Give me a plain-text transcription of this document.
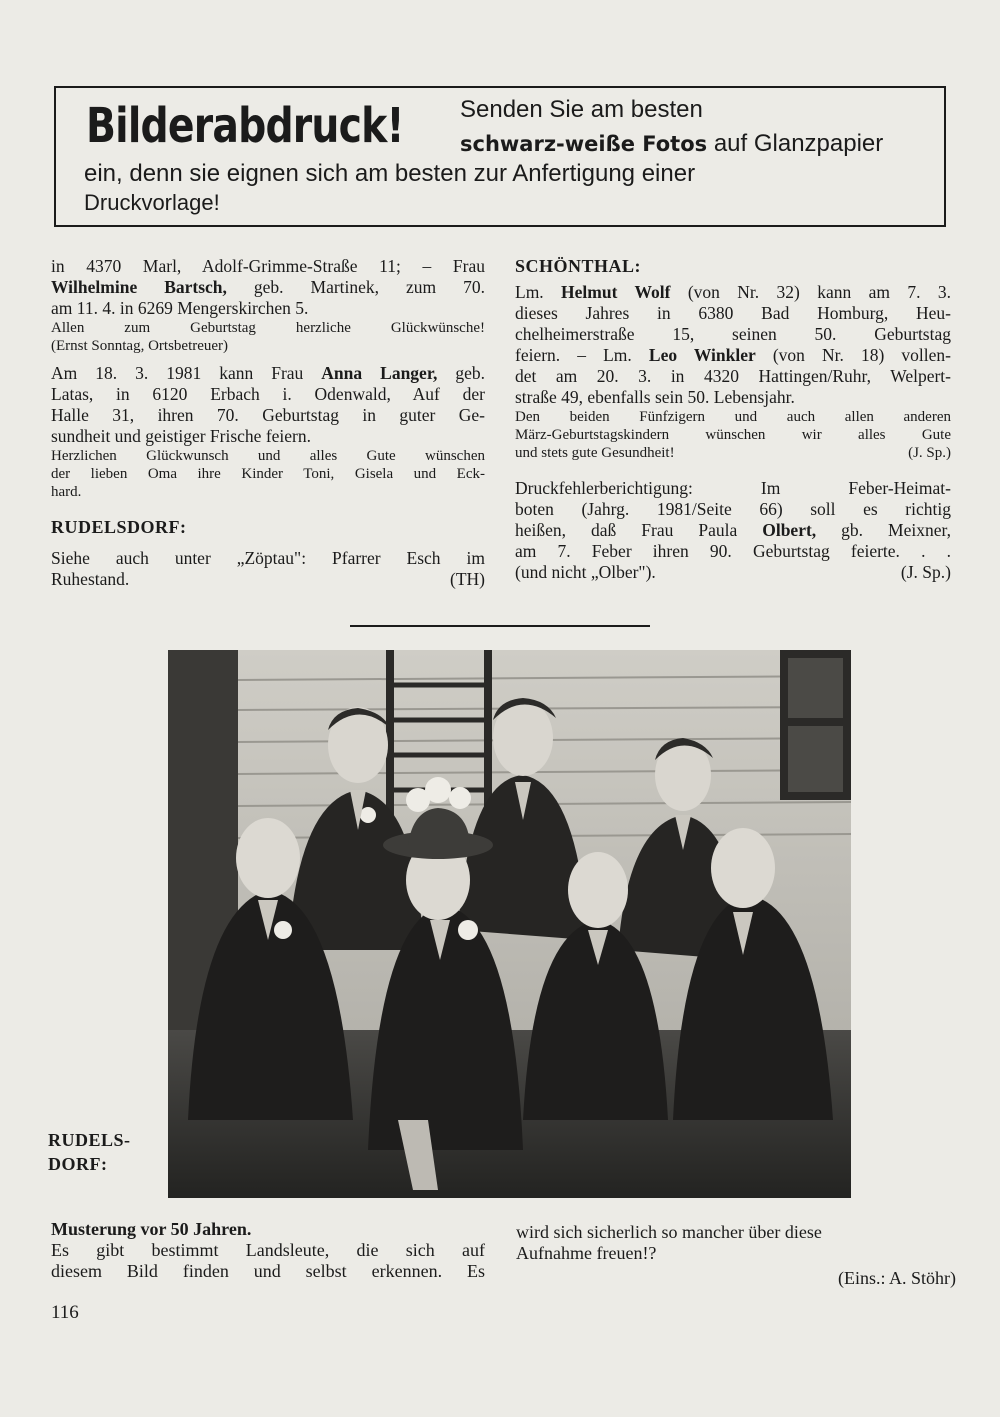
Bilderabdruck! Senden Sie am besten
schwarz-weiße Fotos auf Glanzpapier
ein, denn sie eignen sich am besten zur Anfertigung einer
Druckvorlage!
in 4370 Marl, Adolf-Grimme-Straße 11; – Frau
Wilhelmine Bartsch, geb. Martinek, zum 70.
am 11. 4. in 6269 Mengerskirchen 5.
Allen zum Geburtstag herzliche Glückwünsche!
(Ernst Sonntag, Ortsbetreuer)
Am 18. 3. 1981 kann Frau Anna Langer, geb.
Latas, in 6120 Erbach i. Odenwald, Auf der
Halle 31, ihren 70. Geburtstag in guter Ge-
sundheit und geistiger Frische feiern.
Herzlichen Glückwunsch und alles Gute wünschen
der lieben Oma ihre Kinder Toni, Gisela und Eck-
hard.
RUDELSDORF:
Siehe auch unter „Zöptau": Pfarrer Esch im
Ruhestand.	(TH)
SCHÖNTHAL:
Lm. Helmut Wolf (von Nr. 32) kann am 7. 3.
dieses Jahres in 6380 Bad Homburg, Heu-
chelheimerstraße 15, seinen 50. Geburtstag
feiern. – Lm. Leo Winkler (von Nr. 18) vollen-
det am 20. 3. in 4320 Hattingen/Ruhr, Welpert-
straße 49, ebenfalls sein 50. Lebensjahr.
Den beiden Fünfzigern und auch allen anderen
März-Geburtstagskindern wünschen wir alles Gute
und stets gute Gesundheit!	(J. Sp.)
Druckfehlerberichtigung: Im Feber-Heimat-
boten (Jahrg. 1981/Seite 66) soll es richtig
heißen, daß Frau Paula Olbert, gb. Meixner,
am 7. Feber ihren 90. Geburtstag feierte. . .
(und nicht „Olber").	(J. Sp.)
RUDELS-
DORF:
Musterung vor 50 Jahren.
Es gibt bestimmt Landsleute, die sich auf
diesem Bild finden und selbst erkennen. Es
wird sich sicherlich so mancher über diese
Aufnahme freuen!?
(Eins.: A. Stöhr)
116
